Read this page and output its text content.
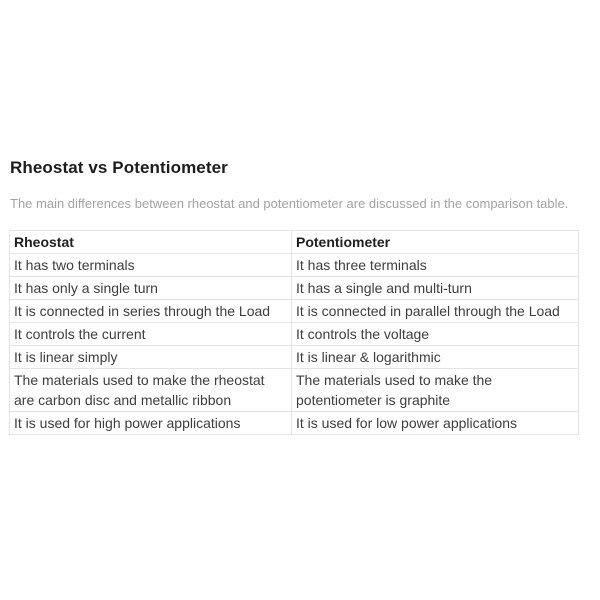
Rheostat vs Potentiometer

The main differences between rheostat and potentiometer are discussed in the comparison table.

Rheostat	Potentiometer
It has two terminals	It has three terminals
It has only a single turn	It has a single and multi-turn
It is connected in series through the Load	It is connected in parallel through the Load
It controls the current	It controls the voltage
It is linear simply	It is linear & logarithmic
The materials used to make the rheostat are carbon disc and metallic ribbon	The materials used to make the potentiometer is graphite
It is used for high power applications	It is used for low power applications
